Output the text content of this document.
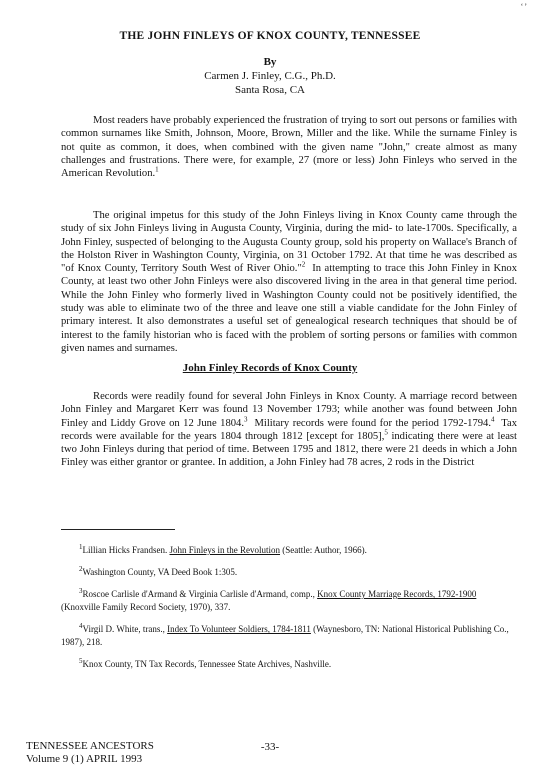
‘’
THE JOHN FINLEYS OF KNOX COUNTY, TENNESSEE
By
Carmen J. Finley, C.G., Ph.D.
Santa Rosa, CA

Most readers have probably experienced the frustration of trying to sort out persons or families with common surnames like Smith, Johnson, Moore, Brown, Miller and the like. While the surname Finley is not quite as common, it does, when combined with the given name "John," create almost as many challenges and frustrations. There were, for example, 27 (more or less) John Finleys who served in the American Revolution.$^1$

The original impetus for this study of the John Finleys living in Knox County came through the study of six John Finleys living in Augusta County, Virginia, during the mid- to late-1700s. Specifically, a John Finley, suspected of belonging to the Augusta County group, sold his property on Wallace's Branch of the Holston River in Washington County, Virginia, on 31 October 1792. At that time he was described as "of Knox County, Territory South West of River Ohio."$^2$ In attempting to trace this John Finley in Knox County, at least two other John Finleys were also discovered living in the area in that general time period. While the John Finley who formerly lived in Washington County could not be positively identified, the study was able to eliminate two of the three and leave one still a viable candidate for the John Finley of primary interest. It also demonstrates a useful set of genealogical research techniques that should be of interest to the family historian who is faced with the problem of sorting persons or families with common given names and surnames.

John Finley Records of Knox County

Records were readily found for several John Finleys in Knox County. A marriage record between John Finley and Margaret Kerr was found 13 November 1793; while another was found between John Finley and Liddy Grove on 12 June 1804.$^3$ Military records were found for the period 1792-1794.$^4$ Tax records were available for the years 1804 through 1812 [except for 1805],$^5$ indicating there were at least two John Finleys during that period of time. Between 1795 and 1812, there were 21 deeds in which a John Finley was either grantor or grantee. In addition, a John Finley had 78 acres, 2 rods in the District

$^1$Lillian Hicks Frandsen. John Finleys in the Revolution (Seattle: Author, 1966).

$^2$Washington County, VA Deed Book 1:305.

$^3$Roscoe Carlisle d'Armand & Virginia Carlisle d'Armand, comp., Knox County Marriage Records, 1792-1900 (Knoxville Family Record Society, 1970), 337.

$^4$Virgil D. White, trans., Index To Volunteer Soldiers, 1784-1811 (Waynesboro, TN: National Historical Publishing Co., 1987), 218.

$^5$Knox County, TN Tax Records, Tennessee State Archives, Nashville.

TENNESSEE ANCESTORS
Volume 9 (1) APRIL 1993
-33-
